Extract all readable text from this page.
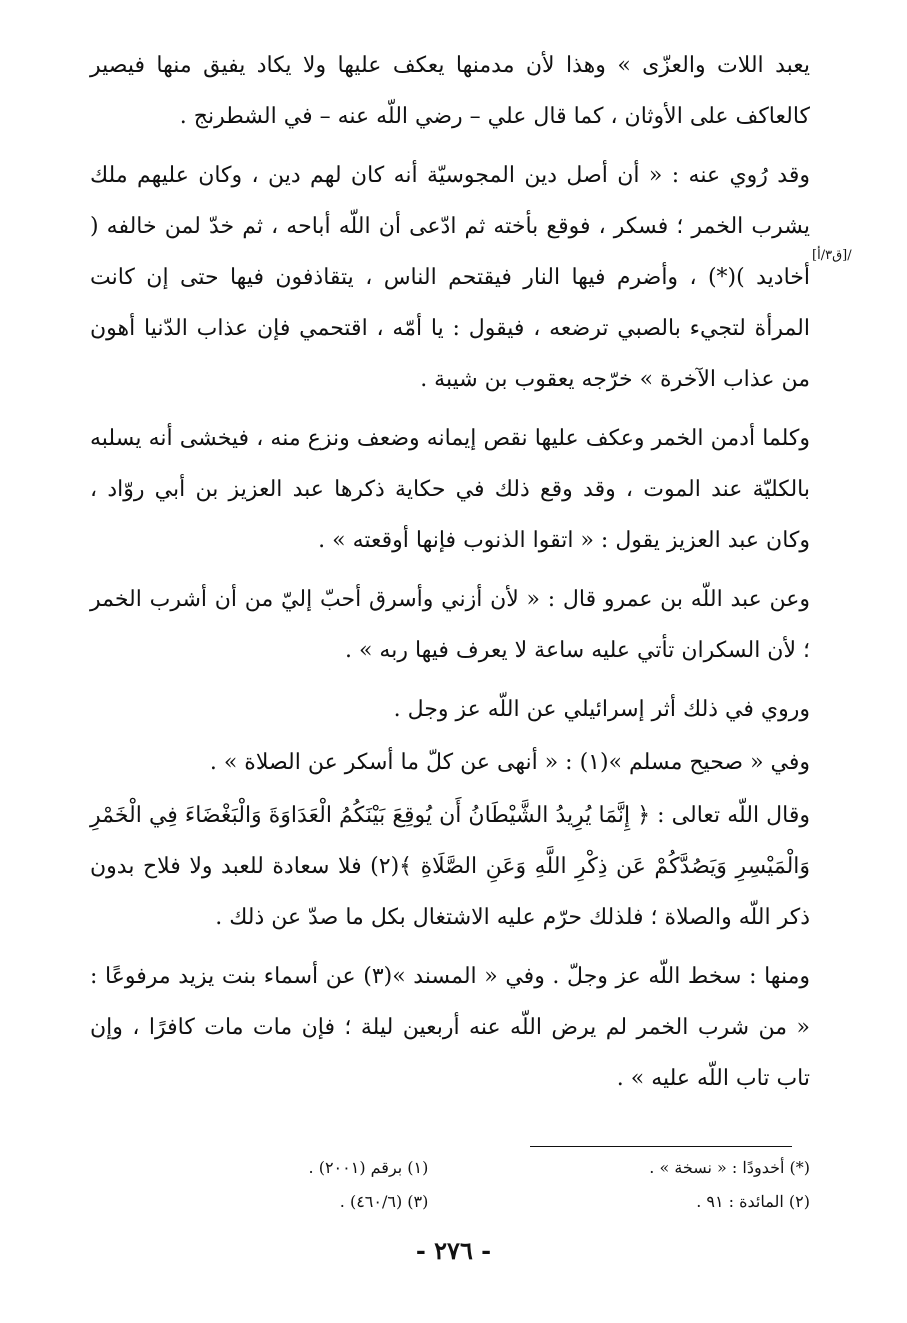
يعبد اللات والعزّى » وهذا لأن مدمنها يعكف عليها ولا يكاد يفيق منها فيصير كالعاكف على الأوثان ، كما قال علي – رضي اللّه عنه – في الشطرنج .

وقد رُوي عنه : « أن أصل دين المجوسيّة أنه كان لهم دين ، وكان عليهم ملك يشرب الخمر ؛ فسكر ، فوقع بأخته ثم ادّعى أن اللّه أباحه ، ثم خدّ لمن خالفه ( أخاديد )(*) ، وأضرم فيها النار فيقتحم الناس ، يتقاذفون فيها حتى إن كانت المرأة لتجيء بالصبي ترضعه ، فيقول : يا أمّه ، اقتحمي فإن عذاب الدّنيا أهون من عذاب الآخرة » خرّجه يعقوب بن شيبة .

وكلما أدمن الخمر وعكف عليها نقص إيمانه وضعف ونزع منه ، فيخشى أنه يسلبه بالكليّة عند الموت ، وقد وقع ذلك في حكاية ذكرها عبد العزيز بن أبي روّاد ، وكان عبد العزيز يقول : « اتقوا الذنوب فإنها أوقعته » .

وعن عبد اللّه بن عمرو قال : « لأن أزني وأسرق أحبّ إليّ من أن أشرب الخمر ؛ لأن السكران تأتي عليه ساعة لا يعرف فيها ربه » .

وروي في ذلك أثر إسرائيلي عن اللّه عز وجل .

وفي « صحيح مسلم »(١) : « أنهى عن كلّ ما أسكر عن الصلاة » .

وقال اللّه تعالى : ﴿ إِنَّمَا يُرِيدُ الشَّيْطَانُ أَن يُوقِعَ بَيْنَكُمُ الْعَدَاوَةَ وَالْبَغْضَاءَ فِي الْخَمْرِ وَالْمَيْسِرِ وَيَصُدَّكُمْ عَن ذِكْرِ اللَّهِ وَعَنِ الصَّلَاةِ ﴾(٢) فلا سعادة للعبد ولا فلاح بدون ذكر اللّه والصلاة ؛ فلذلك حرّم عليه الاشتغال بكل ما صدّ عن ذلك .

ومنها : سخط اللّه عز وجلّ . وفي « المسند »(٣) عن أسماء بنت يزيد مرفوعًا : « من شرب الخمر لم يرض اللّه عنه أربعين ليلة ؛ فإن مات مات كافرًا ، وإن تاب تاب اللّه عليه » .

[ق٣/أ]/
(*) أخدودًا : « نسخة » .
(١) برقم (٢٠٠١) .
(٢) المائدة : ٩١ .
(٣) (٤٦٠/٦) .
- ٢٧٦ -
